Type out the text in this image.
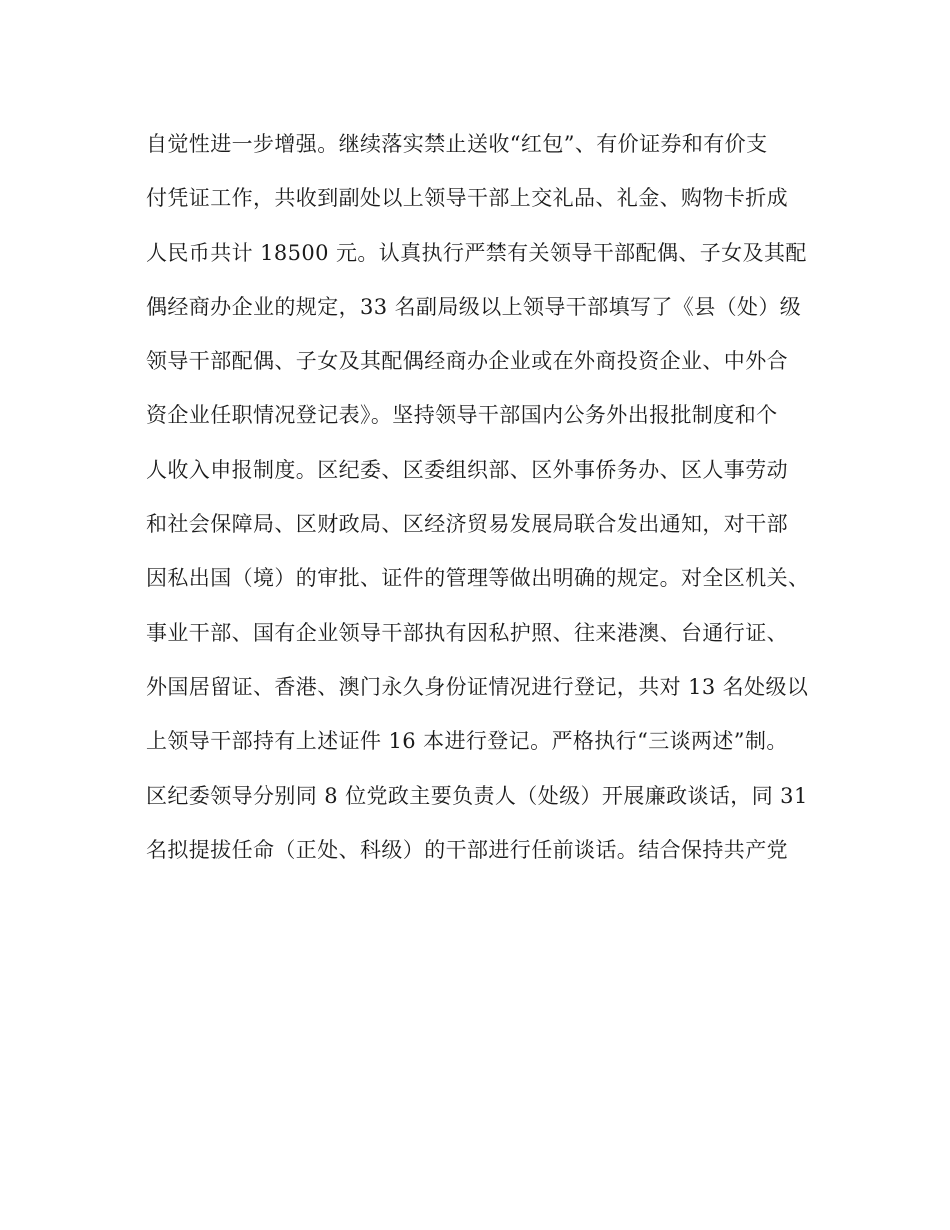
自觉性进一步增强。继续落实禁止送收“红包”、有价证券和有价支
付凭证工作，共收到副处以上领导干部上交礼品、礼金、购物卡折成
人民币共计 18500 元。认真执行严禁有关领导干部配偶、子女及其配
偶经商办企业的规定，33 名副局级以上领导干部填写了《县（处）级
领导干部配偶、子女及其配偶经商办企业或在外商投资企业、中外合
资企业任职情况登记表》。坚持领导干部国内公务外出报批制度和个
人收入申报制度。区纪委、区委组织部、区外事侨务办、区人事劳动
和社会保障局、区财政局、区经济贸易发展局联合发出通知，对干部
因私出国（境）的审批、证件的管理等做出明确的规定。对全区机关、
事业干部、国有企业领导干部执有因私护照、往来港澳、台通行证、
外国居留证、香港、澳门永久身份证情况进行登记，共对 13 名处级以
上领导干部持有上述证件 16 本进行登记。严格执行“三谈两述”制。
区纪委领导分别同 8 位党政主要负责人（处级）开展廉政谈话，同 31
名拟提拔任命（正处、科级）的干部进行任前谈话。结合保持共产党
